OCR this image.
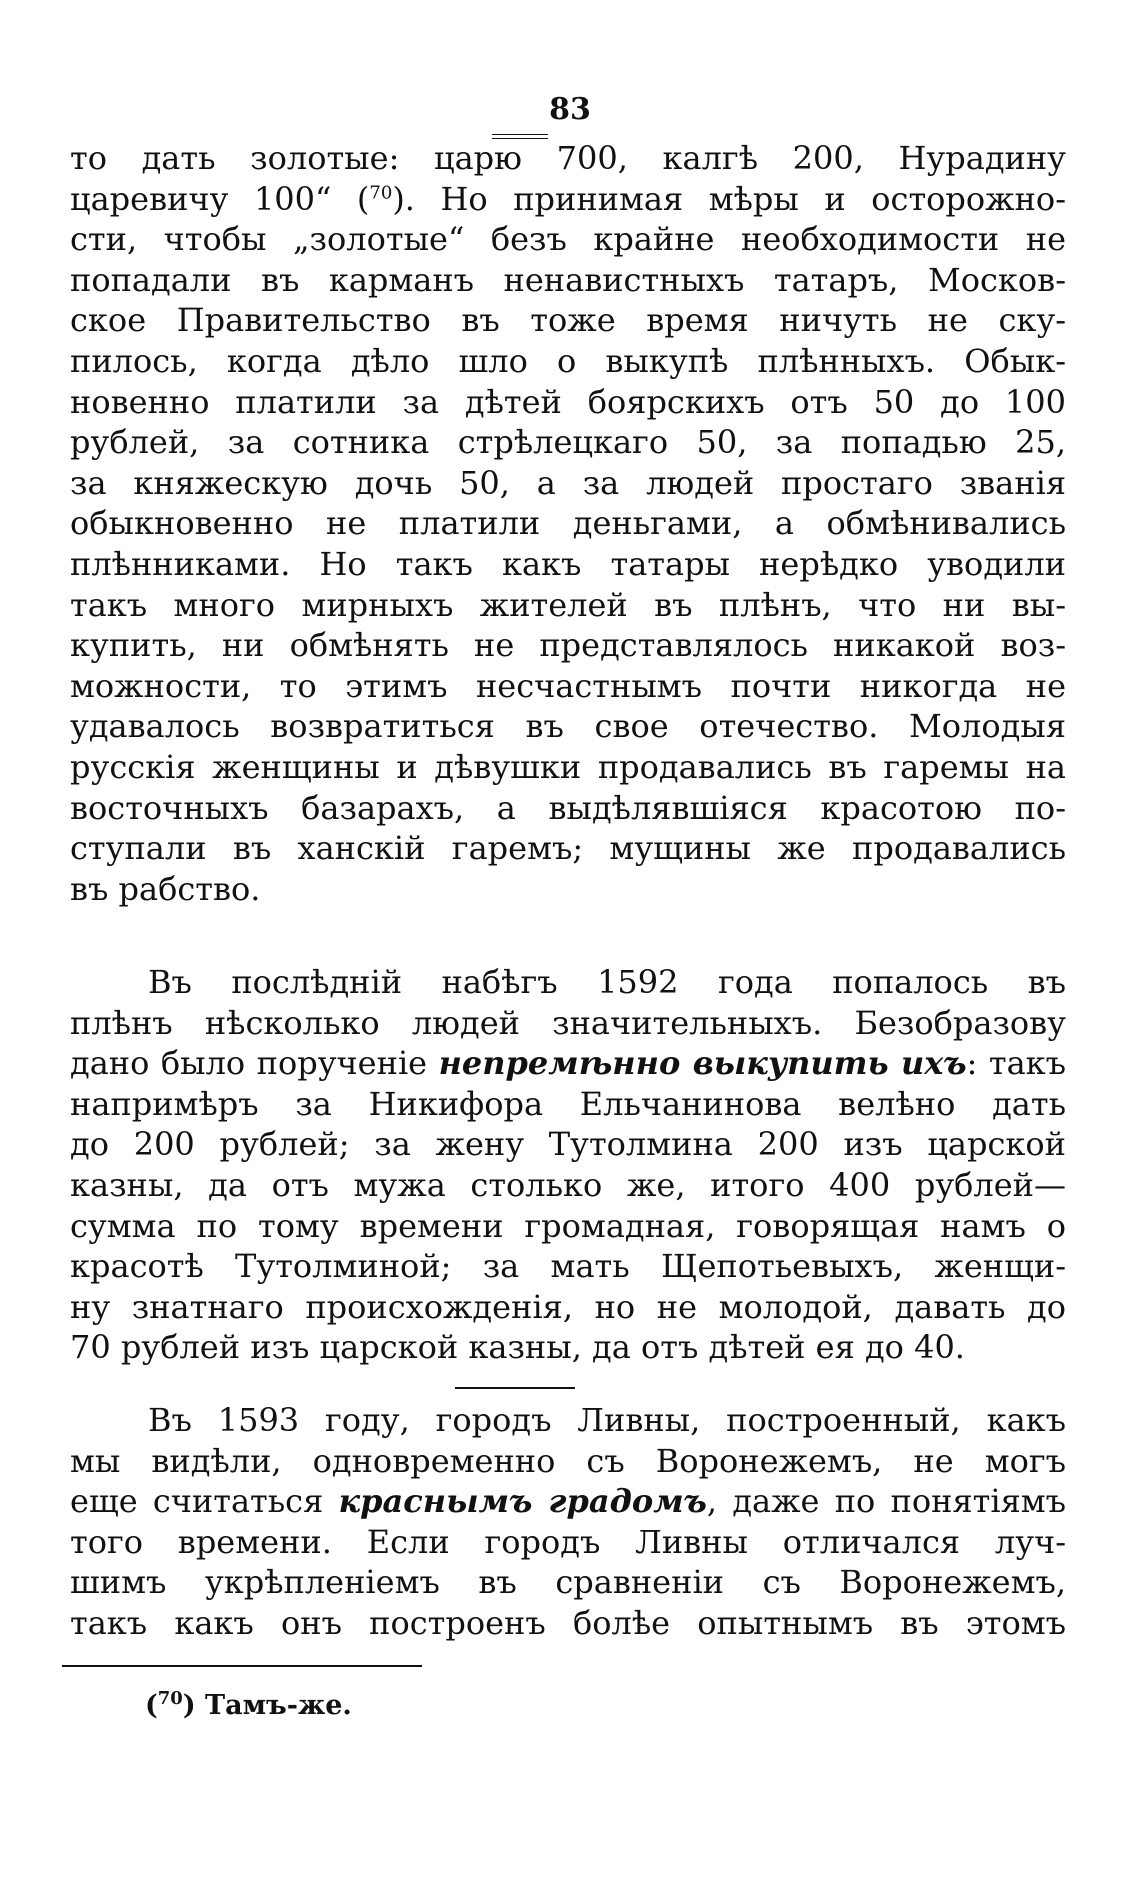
83
то дать золотые: царю 700, калгѣ 200, Нурадину
царевичу 100“ ($^{70}$). Но принимая мѣры и осторожно-
сти, чтобы „золотые“ безъ крайне необходимости не
попадали въ карманъ ненавистныхъ татаръ, Москов-
ское Правительство въ тоже время ничуть не ску-
пилось, когда дѣло шло о выкупѣ плѣнныхъ. Обык-
новенно платили за дѣтей боярскихъ отъ 50 до 100
рублей, за сотника стрѣлецкаго 50, за попадью 25,
за княжескую дочь 50, а за людей простаго званія
обыкновенно не платили деньгами, а обмѣнивались
плѣнниками. Но такъ какъ татары нерѣдко уводили
такъ много мирныхъ жителей въ плѣнъ, что ни вы-
купить, ни обмѣнять не представлялось никакой воз-
можности, то этимъ несчастнымъ почти никогда не
удавалось возвратиться въ свое отечество. Молодыя
русскія женщины и дѣвушки продавались въ гаремы на
восточныхъ базарахъ, а выдѣлявшіяся красотою по-
ступали въ ханскій гаремъ; мущины же продавались
въ рабство.
Въ послѣдній набѣгъ 1592 года попалось въ
плѣнъ нѣсколько людей значительныхъ. Безобразову
дано было порученіе непремѣнно выкупить ихъ: такъ
напримѣръ за Никифора Ельчанинова велѣно дать
до 200 рублей; за жену Тутолмина 200 изъ царской
казны, да отъ мужа столько же, итого 400 рублей—
сумма по тому времени громадная, говорящая намъ о
красотѣ Тутолминой; за мать Щепотьевыхъ, женщи-
ну знатнаго происхожденія, но не молодой, давать до
70 рублей изъ царской казны, да отъ дѣтей ея до 40.
Въ 1593 году, городъ Ливны, построенный, какъ
мы видѣли, одновременно съ Воронежемъ, не могъ
еще считаться краснымъ градомъ, даже по понятіямъ
того времени. Если городъ Ливны отличался луч-
шимъ укрѣпленіемъ въ сравненіи съ Воронежемъ,
такъ какъ онъ построенъ болѣе опытнымъ въ этомъ
($^{70}$) Тамъ-же.
